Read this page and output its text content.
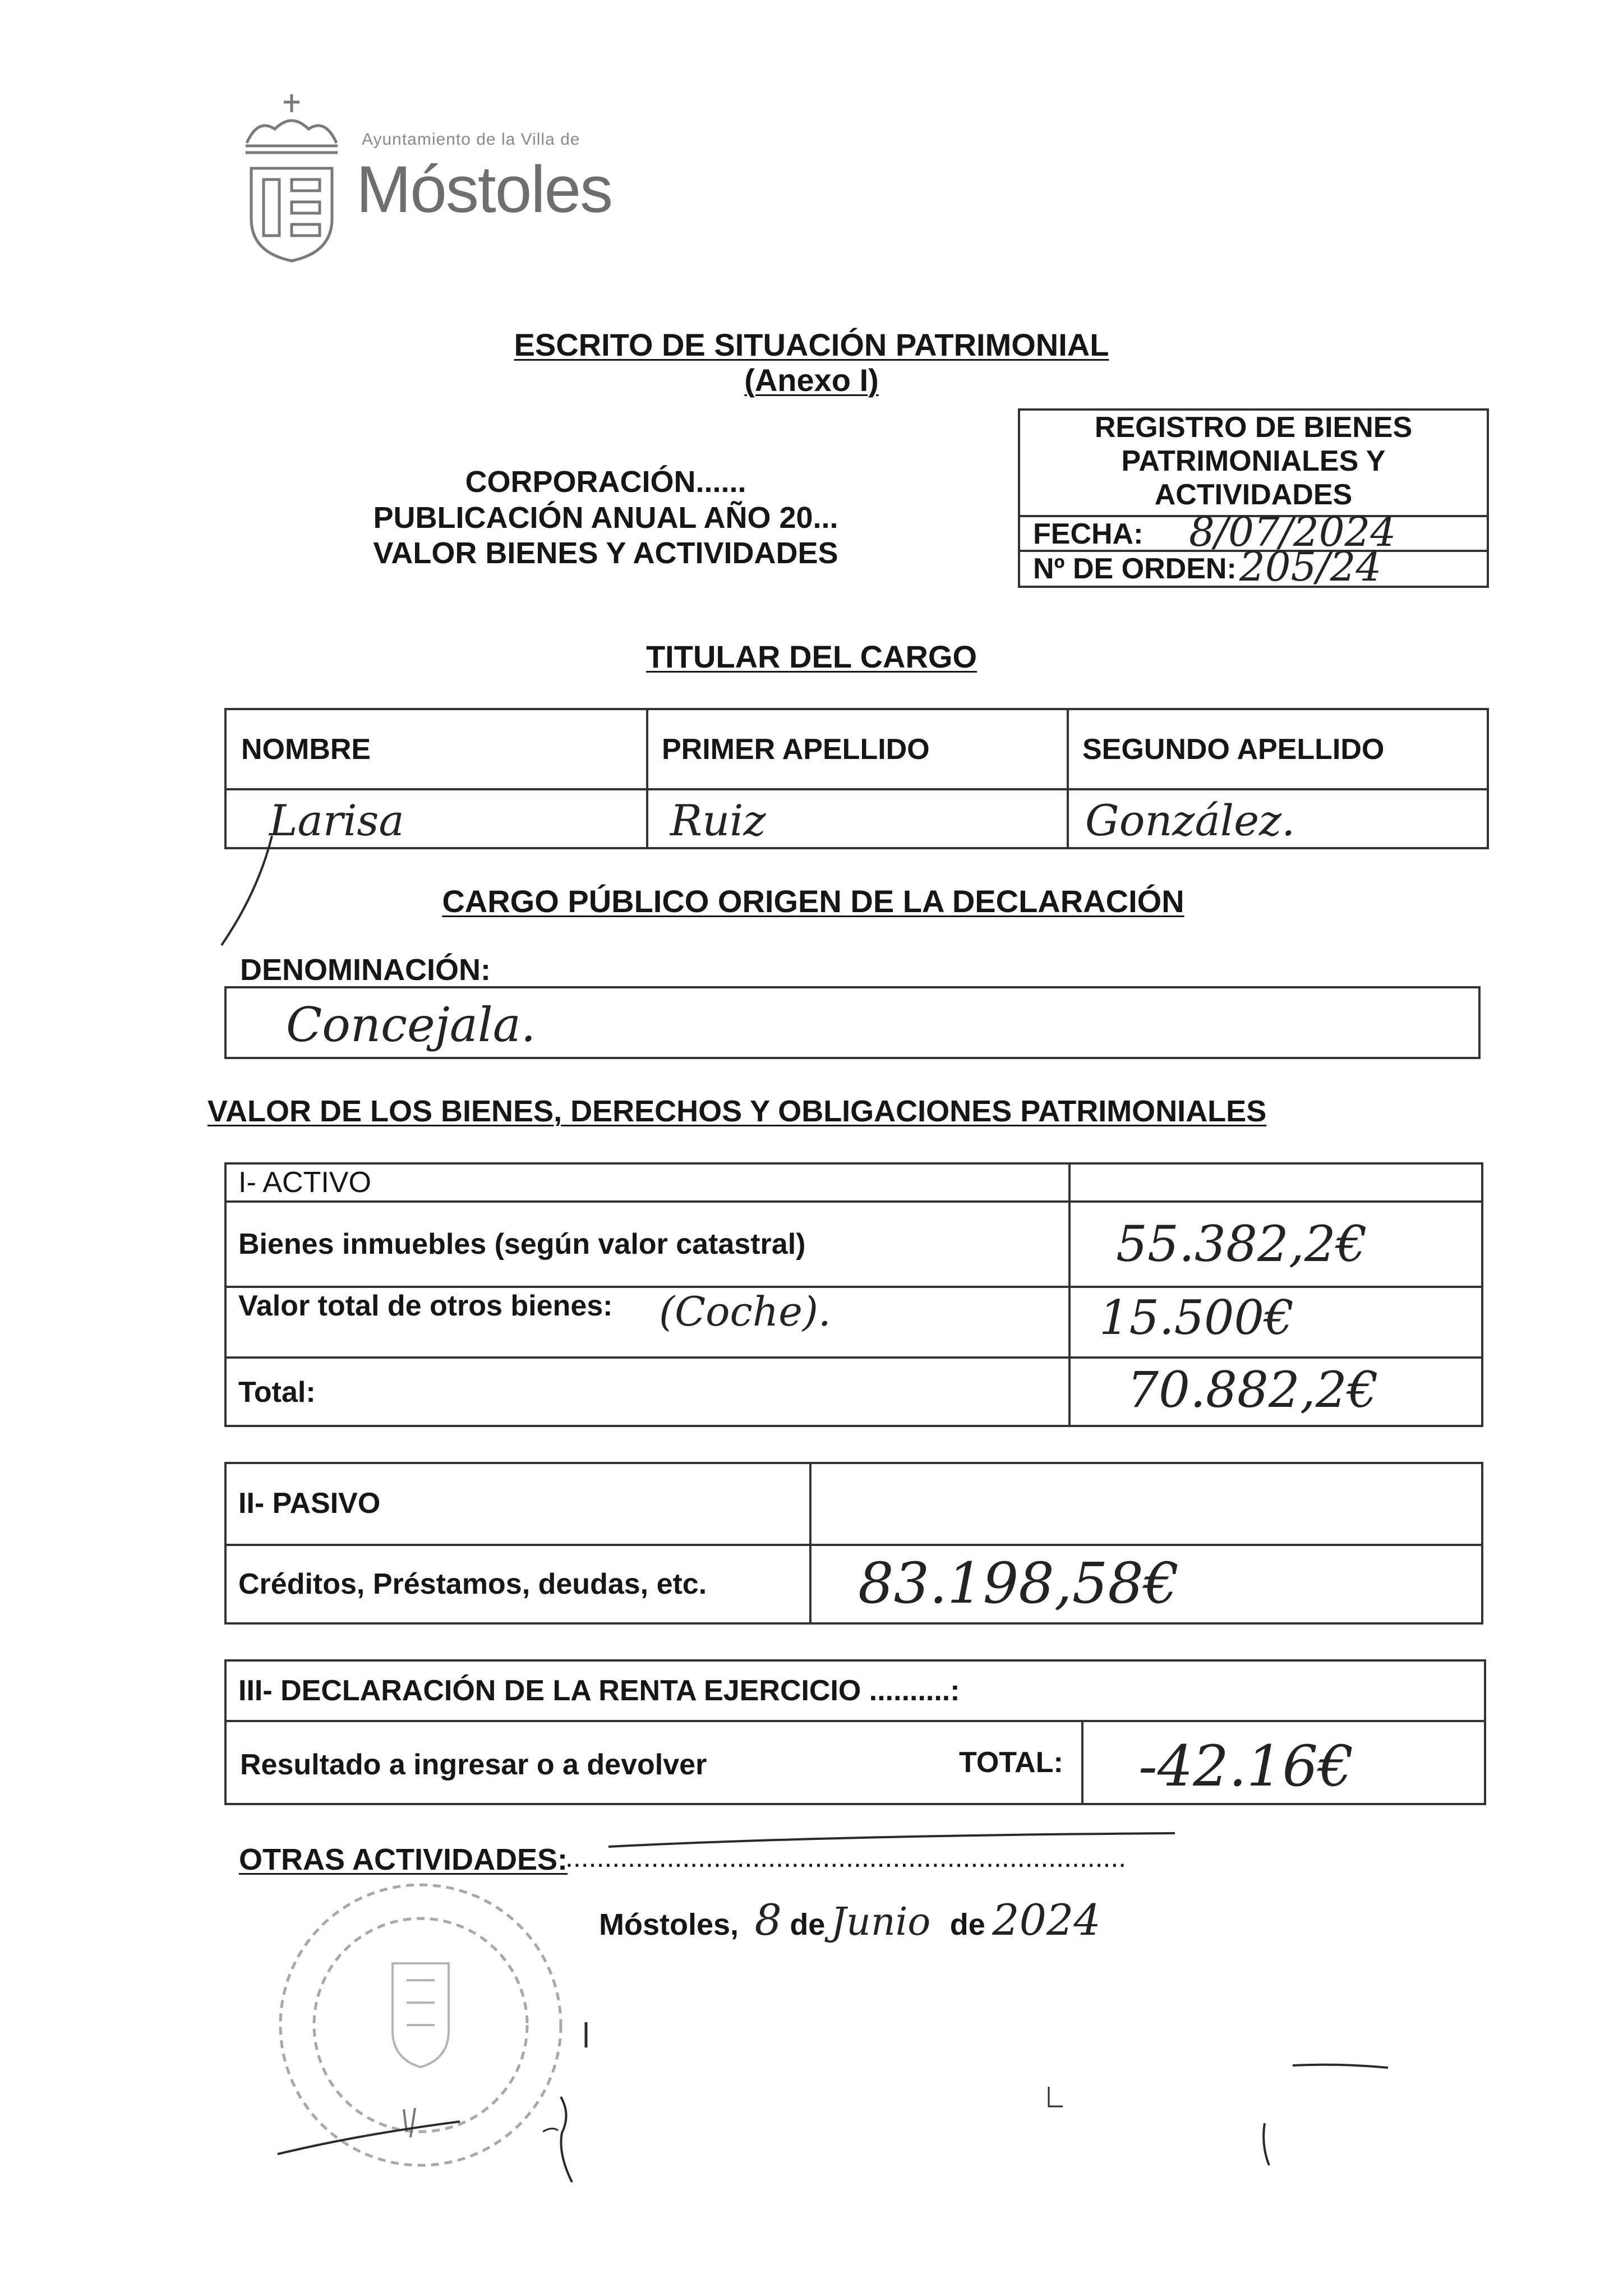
Ayuntamiento de la Villa de
Móstoles
ESCRITO DE SITUACIÓN PATRIMONIAL
(Anexo I)
CORPORACIÓN......
PUBLICACIÓN ANUAL AÑO 20...
VALOR BIENES Y ACTIVIDADES
REGISTRO DE BIENES
PATRIMONIALES Y
ACTIVIDADES
FECHA: 8/07/2024
Nº DE ORDEN: 205/24
TITULAR DEL CARGO
NOMBRE	PRIMER APELLIDO	SEGUNDO APELLIDO
Larisa	Ruiz	González.
CARGO PÚBLICO ORIGEN DE LA DECLARACIÓN
DENOMINACIÓN:
Concejala.
VALOR DE LOS BIENES, DERECHOS Y OBLIGACIONES PATRIMONIALES
I- ACTIVO
Bienes inmuebles (según valor catastral)	55.382,2€
Valor total de otros bienes: (Coche).	15.500€
Total:	70.882,2€
II- PASIVO
Créditos, Préstamos, deudas, etc.	83.198,58€
III- DECLARACIÓN DE LA RENTA EJERCICIO ..........:
Resultado a ingresar o a devolver	TOTAL: -42.16€
OTRAS ACTIVIDADES:
........................................................................
Móstoles, 8 de Junio de 2024
